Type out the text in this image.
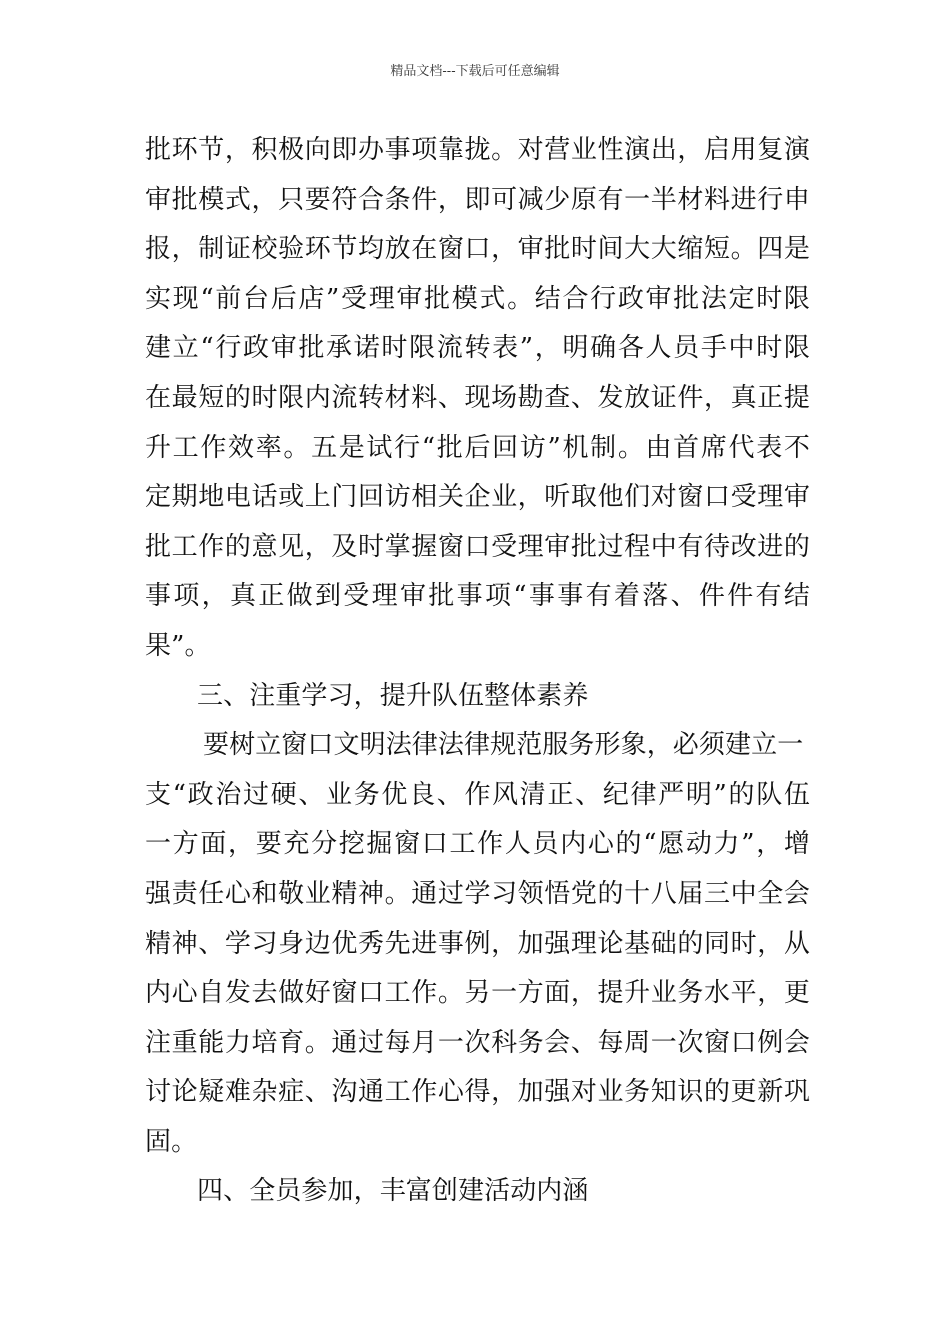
精品文档---下载后可任意编辑
批环节，积极向即办事项靠拢。对营业性演出，启用复演
审批模式，只要符合条件，即可减少原有一半材料进行申
报，制证校验环节均放在窗口，审批时间大大缩短。四是
实现“前台后店”受理审批模式。结合行政审批法定时限
建立“行政审批承诺时限流转表”，明确各人员手中时限
在最短的时限内流转材料、现场勘查、发放证件，真正提
升工作效率。五是试行“批后回访”机制。由首席代表不
定期地电话或上门回访相关企业，听取他们对窗口受理审
批工作的意见，及时掌握窗口受理审批过程中有待改进的
事项，真正做到受理审批事项“事事有着落、件件有结
果”。
三、注重学习，提升队伍整体素养
要树立窗口文明法律法律规范服务形象，必须建立一
支“政治过硬、业务优良、作风清正、纪律严明”的队伍
一方面，要充分挖掘窗口工作人员内心的“愿动力”，增
强责任心和敬业精神。通过学习领悟党的十八届三中全会
精神、学习身边优秀先进事例，加强理论基础的同时，从
内心自发去做好窗口工作。另一方面，提升业务水平，更
注重能力培育。通过每月一次科务会、每周一次窗口例会
讨论疑难杂症、沟通工作心得，加强对业务知识的更新巩
固。
四、全员参加，丰富创建活动内涵
